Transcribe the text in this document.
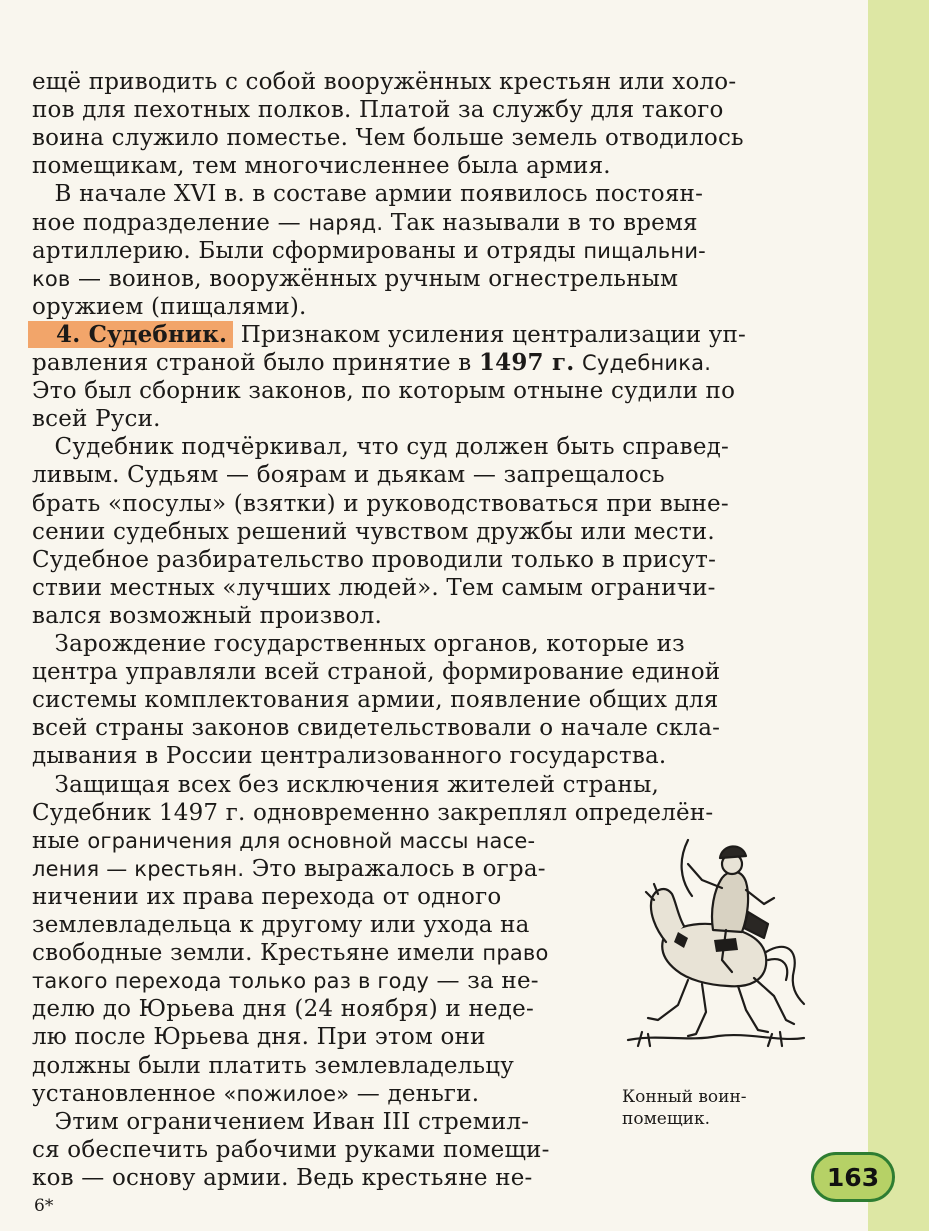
ещё приводить с собой вооружённых крестьян или холо-
пов для пехотных полков. Платой за службу для такого
воина служило поместье. Чем больше земель отводилось
помещикам, тем многочисленнее была армия.
В начале XVI в. в составе армии появилось постоян-
ное подразделение — наряд. Так называли в то время
артиллерию. Были сформированы и отряды пищальни-
ков — воинов, вооружённых ручным огнестрельным
оружием (пищалями).
4. Судебник. Признаком усиления централизации уп-
равления страной было принятие в 1497 г. Судебника.
Это был сборник законов, по которым отныне судили по
всей Руси.
Судебник подчёркивал, что суд должен быть справед-
ливым. Судьям — боярам и дьякам — запрещалось
брать «посулы» (взятки) и руководствоваться при выне-
сении судебных решений чувством дружбы или мести.
Судебное разбирательство проводили только в присут-
ствии местных «лучших людей». Тем самым ограничи-
вался возможный произвол.
Зарождение государственных органов, которые из
центра управляли всей страной, формирование единой
системы комплектования армии, появление общих для
всей страны законов свидетельствовали о начале скла-
дывания в России централизованного государства.
Защищая всех без исключения жителей страны,
Судебник 1497 г. одновременно закреплял определён-
ные ограничения для основной массы насе-
ления — крестьян. Это выражалось в огра-
ничении их права перехода от одного
землевладельца к другому или ухода на
свободные земли. Крестьяне имели право
такого перехода только раз в году — за не-
делю до Юрьева дня (24 ноября) и неде-
лю после Юрьева дня. При этом они
должны были платить землевладельцу
установленное «пожилое» — деньги.
Этим ограничением Иван III стремил-
ся обеспечить рабочими руками помещи-
ков — основу армии. Ведь крестьяне не-
Конный воин-
помещик.
163
6*
